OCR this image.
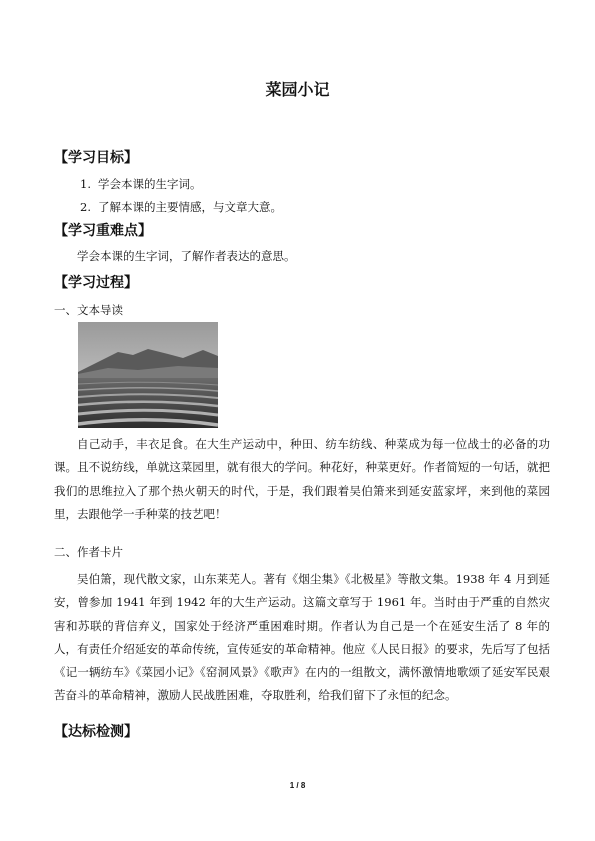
菜园小记
【学习目标】
1. 学会本课的生字词。
2. 了解本课的主要情感，与文章大意。
【学习重难点】

学会本课的生字词，了解作者表达的意思。

【学习过程】
一、文本导读

自己动手，丰衣足食。在大生产运动中，种田、纺车纺线、种菜成为每一位战士的必备的功课。且不说纺线，单就这菜园里，就有很大的学问。种花好，种菜更好。作者简短的一句话，就把我们的思维拉入了那个热火朝天的时代，于是，我们跟着吴伯箫来到延安蓝家坪，来到他的菜园里，去跟他学一手种菜的技艺吧！

二、作者卡片

吴伯箫，现代散文家，山东莱芜人。著有《烟尘集》《北极星》等散文集。1938 年 4 月到延安，曾参加 1941 年到 1942 年的大生产运动。这篇文章写于 1961 年。当时由于严重的自然灾害和苏联的背信弃义，国家处于经济严重困难时期。作者认为自己是一个在延安生活了 8 年的人，有责任介绍延安的革命传统，宣传延安的革命精神。他应《人民日报》的要求，先后写了包括《记一辆纺车》《菜园小记》《窑洞风景》《歌声》在内的一组散文，满怀激情地歌颂了延安军民艰苦奋斗的革命精神，激励人民战胜困难，夺取胜利，给我们留下了永恒的纪念。

【达标检测】
1 / 8
